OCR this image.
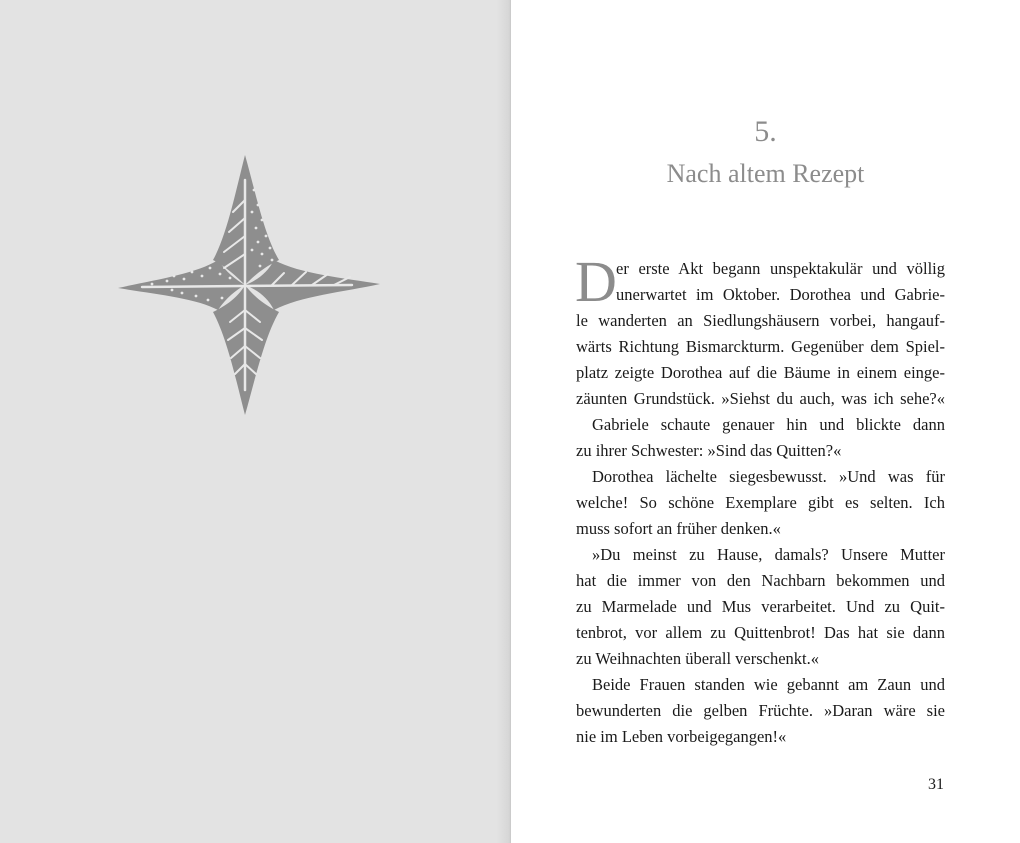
5.
Nach altem Rezept
D er erste Akt begann unspektakulär und völlig
unerwartet im Oktober. Dorothea und Gabrie-
le wanderten an Siedlungshäusern vorbei, hangauf-
wärts Richtung Bismarckturm. Gegenüber dem Spiel-
platz zeigte Dorothea auf die Bäume in einem einge-
zäunten Grundstück. »Siehst du auch, was ich sehe?«
Gabriele schaute genauer hin und blickte dann
zu ihrer Schwester: »Sind das Quitten?«
Dorothea lächelte siegesbewusst. »Und was für
welche! So schöne Exemplare gibt es selten. Ich
muss sofort an früher denken.«
»Du meinst zu Hause, damals? Unsere Mutter
hat die immer von den Nachbarn bekommen und
zu Marmelade und Mus verarbeitet. Und zu Quit-
tenbrot, vor allem zu Quittenbrot! Das hat sie dann
zu Weihnachten überall verschenkt.«
Beide Frauen standen wie gebannt am Zaun und
bewunderten die gelben Früchte. »Daran wäre sie
nie im Leben vorbeigegangen!«
31
